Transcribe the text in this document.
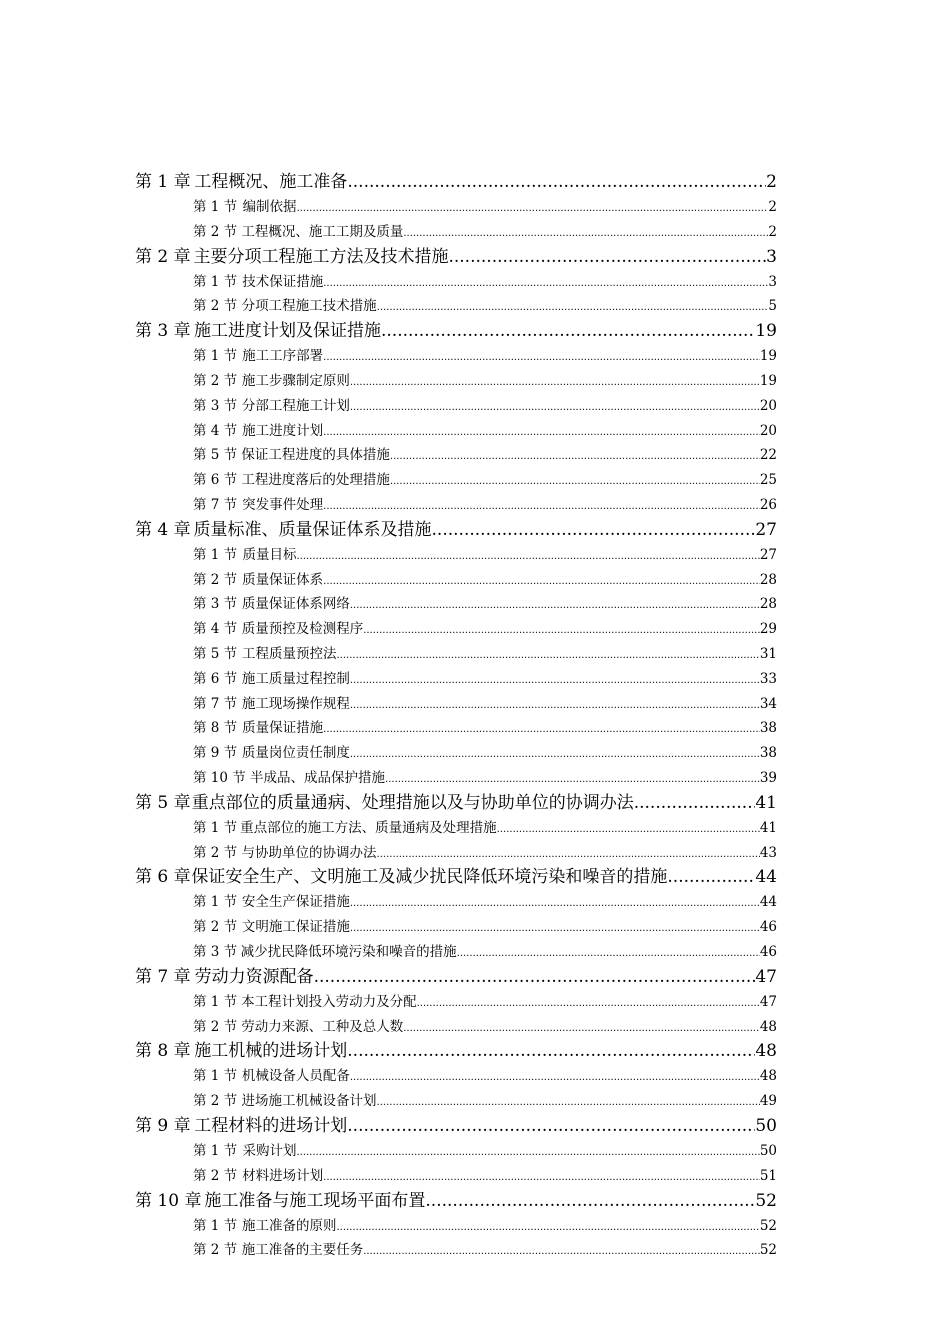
第 1 章 工程概况、施工准备 .....	2
第 1 节 编制依据 .....	2
第 2 节 工程概况、施工工期及质量 .....	2
第 2 章 主要分项工程施工方法及技术措施 .....	3
第 1 节 技术保证措施 .....	3
第 2 节 分项工程施工技术措施 .....	5
第 3 章 施工进度计划及保证措施 .....	19
第 1 节 施工工序部署 .....	19
第 2 节 施工步骤制定原则 .....	19
第 3 节 分部工程施工计划 .....	20
第 4 节 施工进度计划 .....	20
第 5 节 保证工程进度的具体措施 .....	22
第 6 节 工程进度落后的处理措施 .....	25
第 7 节 突发事件处理 .....	26
第 4 章 质量标准、质量保证体系及措施 .....	27
第 1 节 质量目标 .....	27
第 2 节 质量保证体系 .....	28
第 3 节 质量保证体系网络 .....	28
第 4 节 质量预控及检测程序 .....	29
第 5 节 工程质量预控法 .....	31
第 6 节 施工质量过程控制 .....	33
第 7 节 施工现场操作规程 .....	34
第 8 节 质量保证措施 .....	38
第 9 节 质量岗位责任制度 .....	38
第 10 节 半成品、成品保护措施 .....	39
第 5 章 重点部位的质量通病、处理措施以及与协助单位的协调办法 .....	41
第 1 节 重点部位的施工方法、质量通病及处理措施 .....	41
第 2 节 与协助单位的协调办法 .....	43
第 6 章 保证安全生产、文明施工及减少扰民降低环境污染和噪音的措施 .....	44
第 1 节 安全生产保证措施 .....	44
第 2 节 文明施工保证措施 .....	46
第 3 节 减少扰民降低环境污染和噪音的措施 .....	46
第 7 章 劳动力资源配备 .....	47
第 1 节 本工程计划投入劳动力及分配 .....	47
第 2 节 劳动力来源、工种及总人数 .....	48
第 8 章 施工机械的进场计划 .....	48
第 1 节 机械设备人员配备 .....	48
第 2 节 进场施工机械设备计划 .....	49
第 9 章 工程材料的进场计划 .....	50
第 1 节 采购计划 .....	50
第 2 节 材料进场计划 .....	51
第 10 章 施工准备与施工现场平面布置 .....	52
第 1 节 施工准备的原则 .....	52
第 2 节 施工准备的主要任务 .....	52
